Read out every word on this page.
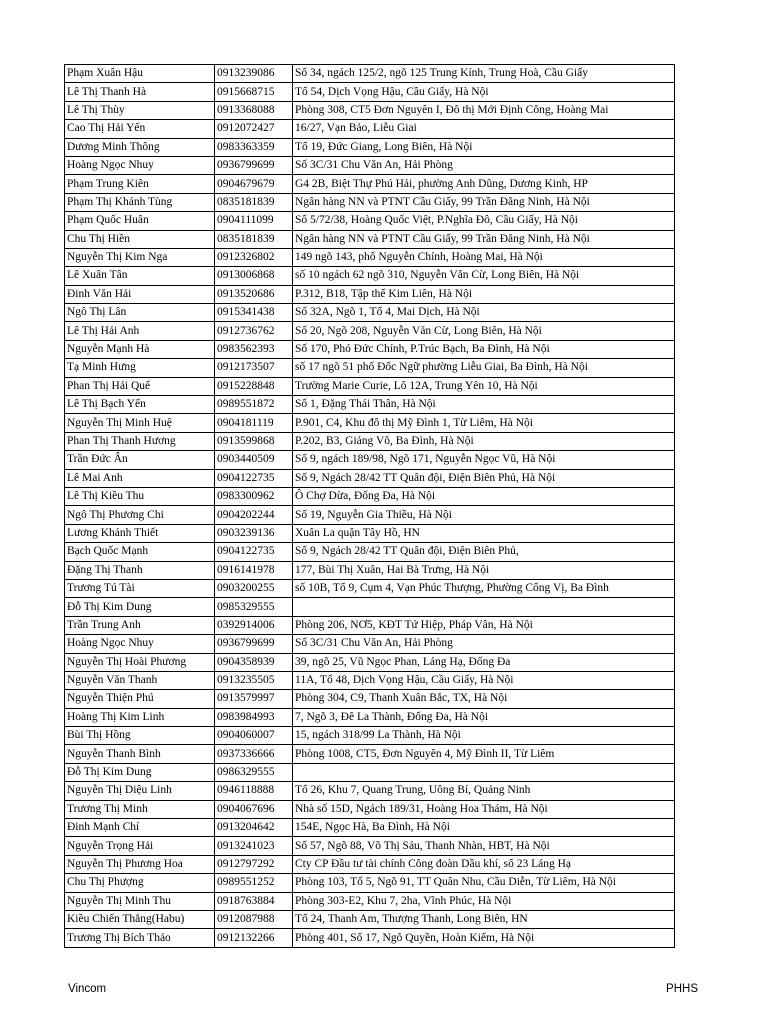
Phạm Xuân Hậu	0913239086	Số 34, ngách 125/2, ngõ 125 Trung Kính, Trung Hoà, Cầu Giấy
Lê Thị Thanh Hà	0915668715	Tổ 54, Dịch Vọng Hậu, Cầu Giấy, Hà Nội
Lê Thị Thùy	0913368088	Phòng 308, CT5 Đơn Nguyên I, Đô thị Mới Định Công, Hoàng Mai
Cao Thị Hải Yến	0912072427	16/27, Vạn Bảo, Liễu Giai
Dương Minh Thông	0983363359	Tổ 19, Đức Giang, Long Biên, Hà Nội
Hoàng Ngọc Nhuy	0936799699	Số 3C/31 Chu Văn An, Hải Phòng
Phạm Trung Kiên	0904679679	G4 2B, Biệt Thự Phú Hải, phường Anh Dũng, Dương Kinh, HP
Phạm Thị Khánh Tùng	0835181839	Ngân hàng NN và PTNT Cầu Giấy, 99 Trần Đăng Ninh, Hà Nội
Phạm Quốc Huân	0904111099	Số 5/72/38, Hoàng Quốc Việt, P.Nghĩa Đô, Cầu Giấy, Hà Nội
Chu Thị Hiền	0835181839	Ngân hàng NN và PTNT Cầu Giấy, 99 Trần Đăng Ninh, Hà Nội
Nguyễn Thị Kim Nga	0912326802	149 ngõ 143, phố Nguyễn Chính, Hoàng Mai, Hà Nội
Lê Xuân Tân	0913006868	số 10 ngách 62 ngõ 310, Nguyễn Văn Cừ, Long Biên, Hà Nội
Đinh Văn Hải	0913520686	P.312, B18, Tập thể Kim Liên, Hà Nội
Ngô Thị Lân	0915341438	Số 32A, Ngõ 1, Tổ 4, Mai Dịch, Hà Nội
Lê Thị Hải Anh	0912736762	Số 20, Ngõ 208, Nguyễn Văn Cừ, Long Biên, Hà Nội
Nguyễn Mạnh Hà	0983562393	Số 170, Phó Đức Chính, P.Trúc Bạch, Ba Đình, Hà Nội
Tạ Minh Hưng	0912173507	số 17 ngõ 51 phố Đốc Ngữ phường Liễu Giai, Ba Đình, Hà Nội
Phan Thị Hải Quế	0915228848	Trường Marie Curie, Lô 12A, Trung Yên 10, Hà Nội
Lê Thị Bạch Yến	0989551872	Số 1, Đặng Thái Thân, Hà Nội
Nguyễn Thị Minh Huệ	0904181119	P.901, C4, Khu đô thị Mỹ Đình 1, Từ Liêm, Hà Nội
Phan Thị Thanh Hương	0913599868	P.202, B3, Giảng Võ, Ba Đình, Hà Nội
Trần Đức Ân	0903440509	Số 9, ngách 189/98, Ngõ 171, Nguyễn Ngọc Vũ, Hà Nội
Lê Mai Anh	0904122735	Số 9, Ngách 28/42 TT Quân đội, Điện Biên Phủ, Hà Nội
Lê Thị Kiều Thu	0983300962	Ô Chợ Dừa, Đống Đa, Hà Nội
Ngô Thị Phương Chi	0904202244	Số 19, Nguyễn Gia Thiều, Hà Nội
Lương Khánh Thiết	0903239136	Xuân La quận Tây Hồ, HN
Bạch Quốc Mạnh	0904122735	Số 9, Ngách 28/42 TT Quân đội, Điện Biên Phủ,
Đặng Thị Thanh	0916141978	177, Bùi Thị Xuân, Hai Bà Trưng, Hà Nội
Trương Tú Tài	0903200255	số 10B, Tổ 9, Cụm 4, Vạn Phúc Thượng, Phường Cống Vị, Ba Đình
Đỗ Thị Kim Dung	0985329555	
Trần Trung Anh	0392914006	Phòng 206, NƠ5, KĐT Tứ Hiệp, Pháp Vân, Hà Nội
Hoàng Ngọc Nhuy	0936799699	Số 3C/31 Chu Văn An, Hải Phòng
Nguyễn Thị Hoài Phương	0904358939	39, ngõ 25, Vũ Ngọc Phan, Láng Hạ, Đống Đa
Nguyễn Văn Thanh	0913235505	11A, Tổ 48, Dịch Vọng Hậu, Cầu Giấy, Hà Nội
Nguyễn Thiện Phú	0913579997	Phòng 304, C9, Thanh Xuân Bắc, TX, Hà Nội
Hoàng Thị Kim Linh	0983984993	7, Ngõ 3, Đê La Thành, Đống Đa, Hà Nội
Bùi Thị Hồng	0904060007	15, ngách 318/99 La Thành, Hà Nội
Nguyễn Thanh Bình	0937336666	Phòng 1008, CT5, Đơn Nguyên 4, Mỹ Đình II, Từ Liêm
Đỗ Thị Kim Dung	0986329555	
Nguyễn Thị Diệu Linh	0946118888	Tổ 26, Khu 7, Quang Trung, Uông Bí, Quảng Ninh
Trương Thị Minh	0904067696	Nhà số 15D, Ngách 189/31, Hoàng Hoa Thám, Hà Nội
Đinh Mạnh Chí	0913204642	154E, Ngọc Hà, Ba Đình, Hà Nội
Nguyễn Trọng Hải	0913241023	Số 57, Ngõ 88, Võ Thị Sáu, Thanh Nhàn, HBT, Hà Nội
Nguyễn Thị Phương Hoa	0912797292	Cty CP Đầu tư tài chính Công đoàn Dầu khí, số 23 Láng Hạ
Chu Thị Phượng	0989551252	Phòng 103, Tổ 5, Ngõ 91, TT Quân Nhu, Cầu Diễn, Từ Liêm, Hà Nội
Nguyễn Thị Minh Thu	0918763884	Phòng 303-E2, Khu 7, 2ha, Vĩnh Phúc, Hà Nội
Kiều Chiến Thắng(Habu)	0912087988	Tổ 24, Thanh Am, Thượng Thanh, Long Biên, HN
Trương Thị Bích Thảo	0912132266	Phòng 401, Số 17, Ngô Quyền, Hoàn Kiếm, Hà Nội
Vincom	PHHS
